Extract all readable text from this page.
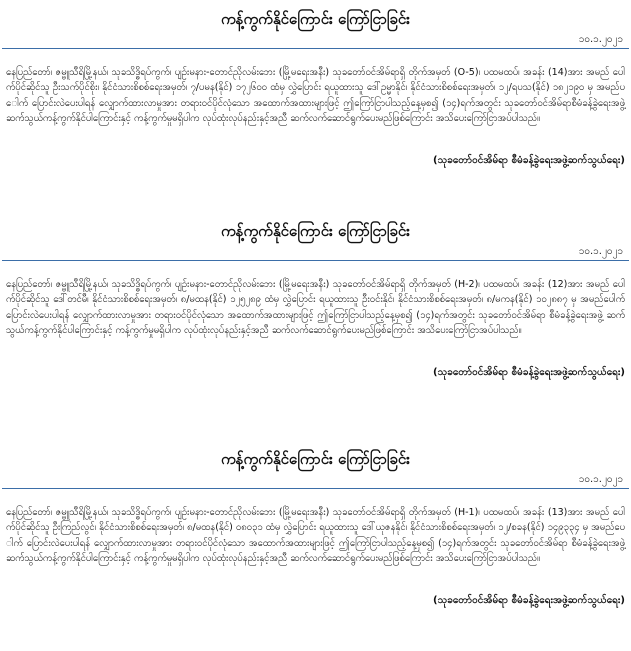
ကန့်ကွက်နိုင်ကြောင်း ကြော်ငြာခြင်း
၁၀.၁.၂၀၂၁

နေပြည်တော်၊ ဇမ္ဗူသီရိမြို့နယ်၊ သုခသိဒ္ဓိရပ်ကွက်၊ ပျဉ်းမနား-တောင်ညိုလမ်းဘေး (မြို့မရေးအနီး) သုခတော်ဝင်အိမ်ရာရှိ တိုက်အမှတ် (O-5)၊ ပထမထပ်၊ အခန်း (14)အား အမည် ပေါက်ပိုင်ဆိုင်သူ ဦးသက်ပိုင်စိုး၊ နိုင်ငံသားစိစစ်ရေးအမှတ်၊ ၇/ပမန(နိုင်) ၁၇၂၆၀၀ ထံမှ လွှဲပြောင်း ရယူထားသူ ဒေါ်ဥမ္မာနိုင်၊ နိုင်ငံသားစိစစ်ရေးအမှတ်၊ ၁၂/ရပသ(နိုင်) ၁၈၂၁၉၀ မှ အမည်ပေါက် ပြောင်းလဲပေးပါရန် လျှောက်ထားလာမှုအား တရားဝင်ပိုင်လုံသော အထောက်အထားများဖြင့် ဤကြော်ငြာပါသည့်နေ့မှစ၍ (၁၄)ရက်အတွင်း သုခတော်ဝင်အိမ်ရာစီမံခန့်ခွဲရေးအဖွဲ့ ဆက်သွယ်ကန့်ကွက်နိုင်ပါကြောင်းနှင့် ကန့်ကွက်မှုမရှိပါက လုပ်ထုံးလုပ်နည်းနှင့်အညီ ဆက်လက်ဆောင်ရွက်ပေးမည်ဖြစ်ကြောင်း အသိပေးကြော်ငြာအပ်ပါသည်။

(သုခတော်ဝင်အိမ်ရာ စီမံခန့်ခွဲရေးအဖွဲ့ဆက်သွယ်ရေး)
ကန့်ကွက်နိုင်ကြောင်း ကြော်ငြာခြင်း
၁၀.၁.၂၀၂၁

နေပြည်တော်၊ ဇမ္ဗူသီရိမြို့နယ်၊ သုခသိဒ္ဓိရပ်ကွက်၊ ပျဉ်းမနား-တောင်ညိုလမ်းဘေး (မြို့မရေးအနီး) သုခတော်ဝင်အိမ်ရာရှိ တိုက်အမှတ် (H-2)၊ ပထမထပ်၊ အခန်း (12)အား အမည် ပေါက်ပိုင်ဆိုင်သူ ဒေါ်တင်မီ၊ နိုင်ငံသားစိစစ်ရေးအမှတ်၊ ၈/မထန(နိုင်) ၁၂၅၂၈၉ ထံမှ လွှဲပြောင်း ရယူထားသူ ဦးဝင်းနိုင်၊ နိုင်ငံသားစိစစ်ရေးအမှတ်၊ ၈/မကန(နိုင်) ၁၀၂၈၈၇ မှ အမည်ပေါက် ပြောင်းလဲပေးပါရန် လျှောက်ထားလာမှုအား တရားဝင်ပိုင်လုံသော အထောက်အထားများဖြင့် ဤကြော်ငြာပါသည့်နေ့မှစ၍ (၁၄)ရက်အတွင်း သုခတော်ဝင်အိမ်ရာ စီမံခန့်ခွဲရေးအဖွဲ့ ဆက်သွယ်ကန့်ကွက်နိုင်ပါကြောင်းနှင့် ကန့်ကွက်မှုမရှိပါက လုပ်ထုံးလုပ်နည်းနှင့်အညီ ဆက်လက်ဆောင်ရွက်ပေးမည်ဖြစ်ကြောင်း အသိပေးကြော်ငြာအပ်ပါသည်။

(သုခတော်ဝင်အိမ်ရာ စီမံခန့်ခွဲရေးအဖွဲ့ဆက်သွယ်ရေး)
ကန့်ကွက်နိုင်ကြောင်း ကြော်ငြာခြင်း
၁၀.၁.၂၀၂၁

နေပြည်တော်၊ ဇမ္ဗူသီရိမြို့နယ်၊ သုခသိဒ္ဓိရပ်ကွက်၊ ပျဉ်းမနား-တောင်ညိုလမ်းဘေး (မြို့မရေးအနီး) သုခတော်ဝင်အိမ်ရာရှိ တိုက်အမှတ် (H-1)၊ ပထမထပ်၊ အခန်း (13)အား အမည် ပေါက်ပိုင်ဆိုင်သူ ဦးကြည်လွင်၊ နိုင်ငံသားစိစစ်ရေးအမှတ်၊ ၈/မထန(နိုင်) ၀၈၀၃၁ ထံမှ လွှဲပြောင်း ရယူထားသူ ဒေါ်ယုဇနနိုင်၊ နိုင်ငံသားစိစစ်ရေးအမှတ်၊ ၁၂/စခန(နိုင်) ၁၄၉၃၃၄ မှ အမည်ပေါက် ပြောင်းလဲပေးပါရန် လျှောက်ထားလာမှုအား တရားဝင်ပိုင်လုံသော အထောက်အထားများဖြင့် ဤကြော်ငြာပါသည့်နေ့မှစ၍ (၁၄)ရက်အတွင်း သုခတော်ဝင်အိမ်ရာ စီမံခန့်ခွဲရေးအဖွဲ့ ဆက်သွယ်ကန့်ကွက်နိုင်ပါကြောင်းနှင့် ကန့်ကွက်မှုမရှိပါက လုပ်ထုံးလုပ်နည်းနှင့်အညီ ဆက်လက်ဆောင်ရွက်ပေးမည်ဖြစ်ကြောင်း အသိပေးကြော်ငြာအပ်ပါသည်။

(သုခတော်ဝင်အိမ်ရာ စီမံခန့်ခွဲရေးအဖွဲ့ဆက်သွယ်ရေး)
